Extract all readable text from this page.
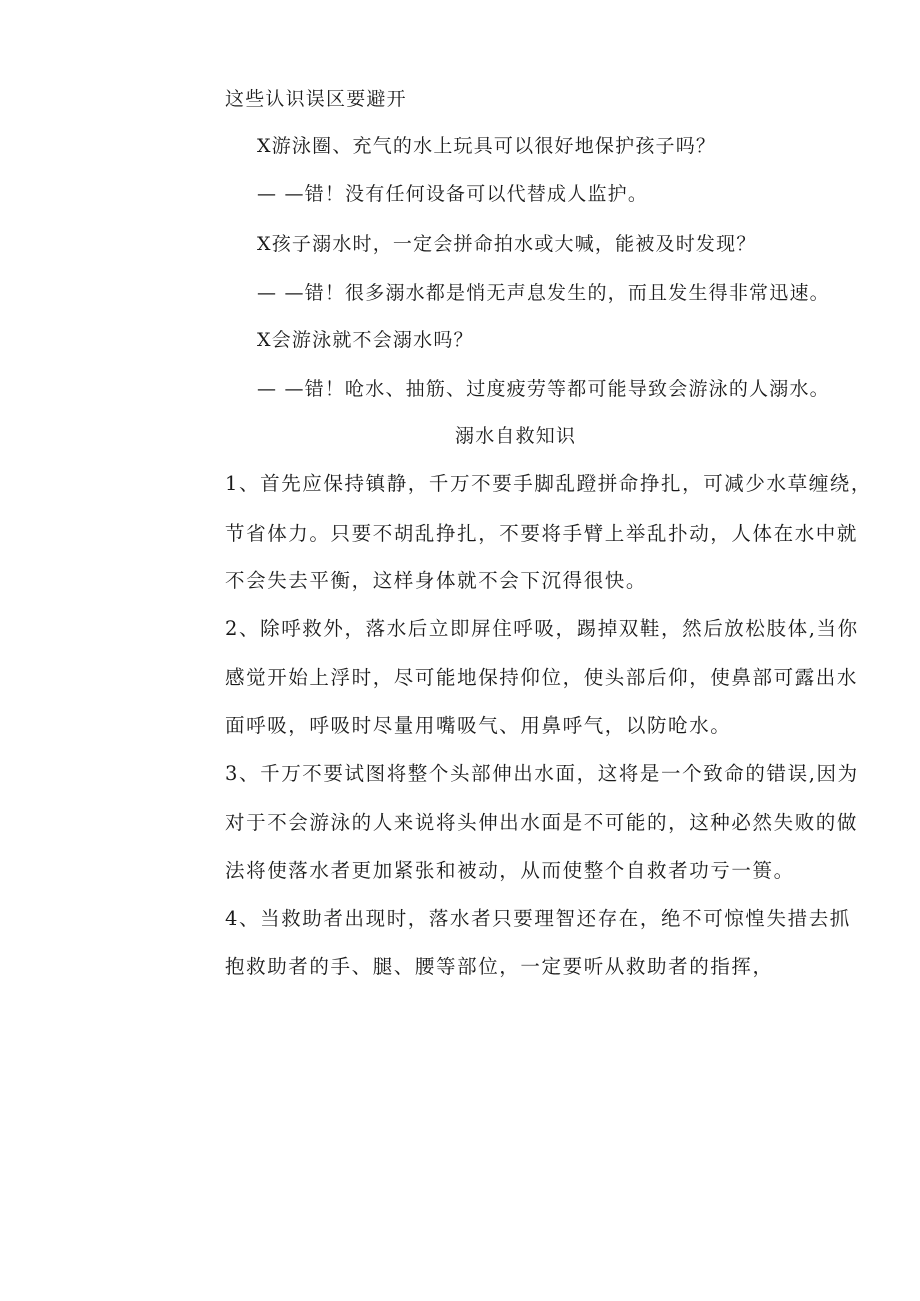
这些认识误区要避开
X游泳圈、充气的水上玩具可以很好地保护孩子吗？
— —错！没有任何设备可以代替成人监护。
X孩子溺水时，一定会拼命拍水或大喊，能被及时发现？
— —错！很多溺水都是悄无声息发生的，而且发生得非常迅速。
X会游泳就不会溺水吗？
— —错！呛水、抽筋、过度疲劳等都可能导致会游泳的人溺水。
溺水自救知识
1、首先应保持镇静，千万不要手脚乱蹬拼命挣扎，可减少水草缠绕，
节省体力。只要不胡乱挣扎，不要将手臂上举乱扑动，人体在水中就
不会失去平衡，这样身体就不会下沉得很快。
2、除呼救外，落水后立即屏住呼吸，踢掉双鞋，然后放松肢体,当你
感觉开始上浮时，尽可能地保持仰位，使头部后仰，使鼻部可露出水
面呼吸，呼吸时尽量用嘴吸气、用鼻呼气，以防呛水。
3、千万不要试图将整个头部伸出水面，这将是一个致命的错误,因为
对于不会游泳的人来说将头伸出水面是不可能的，这种必然失败的做
法将使落水者更加紧张和被动，从而使整个自救者功亏一篑。
4、当救助者出现时，落水者只要理智还存在，绝不可惊惶失措去抓
抱救助者的手、腿、腰等部位，一定要听从救助者的指挥，
